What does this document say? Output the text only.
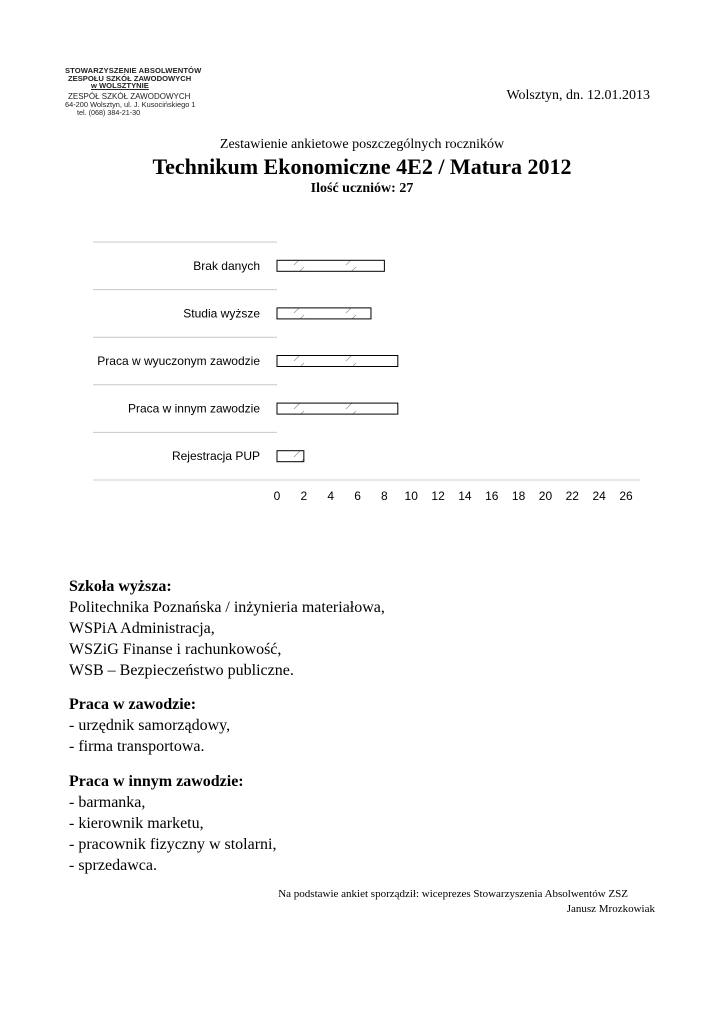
STOWARZYSZENIE ABSOLWENTÓW
ZESPOŁU SZKÓŁ ZAWODOWYCH
w WOLSZTYNIE
ZESPÓŁ SZKÓŁ ZAWODOWYCH
64-200 Wolsztyn, ul. J. Kusocińskiego 1
tel. (068) 384-21-30
Wolsztyn, dn. 12.01.2013
Zestawienie ankietowe poszczególnych roczników
Technikum Ekonomiczne 4E2 / Matura 2012
Ilość uczniów: 27
Brak danych
Studia wyższe
Praca w wyuczonym zawodzie
Praca w innym zawodzie
Rejestracja PUP
0 2 4 6 8 10 12 14 16 18 20 22 24 26
Szkoła wyższa:
Politechnika Poznańska / inżynieria materiałowa,
WSPiA Administracja,
WSZiG Finanse i rachunkowość,
WSB – Bezpieczeństwo publiczne.
Praca w zawodzie:
- urzędnik samorządowy,
- firma transportowa.
Praca w innym zawodzie:
- barmanka,
- kierownik marketu,
- pracownik fizyczny w stolarni,
- sprzedawca.
Na podstawie ankiet sporządził: wiceprezes Stowarzyszenia Absolwentów ZSZ
Janusz Mrozkowiak
